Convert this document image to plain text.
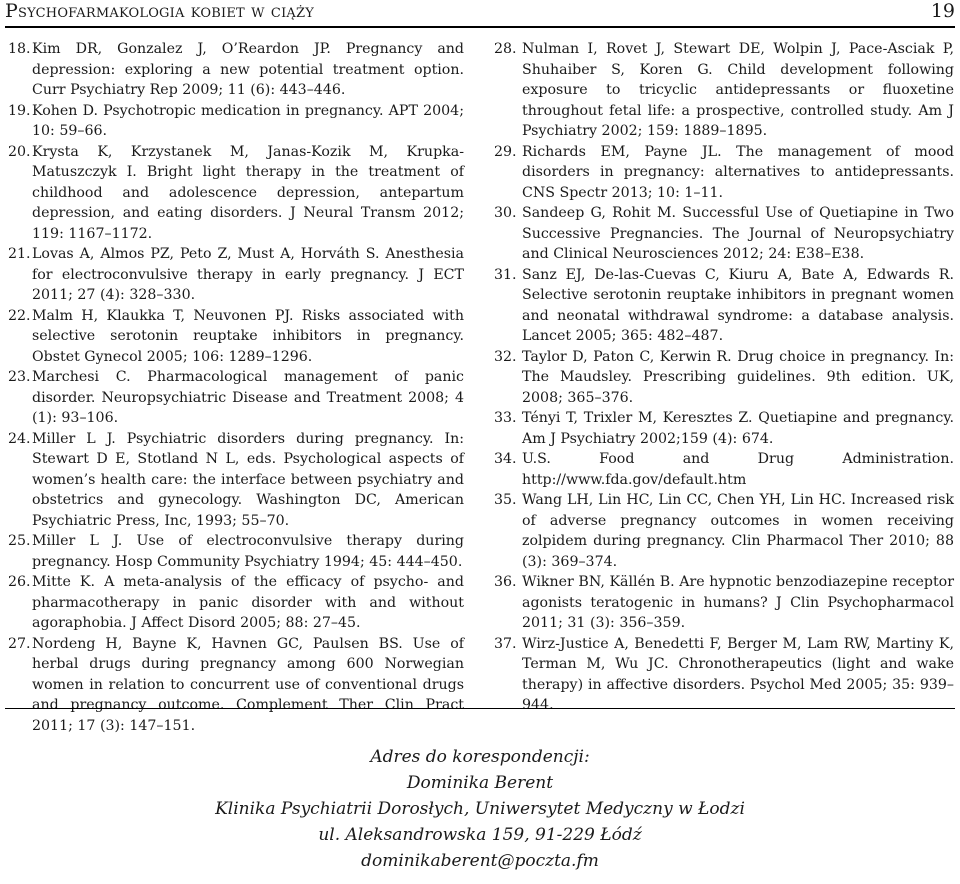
Psychofarmakologia kobiet w ciąży	19
18. Kim DR, Gonzalez J, O’Reardon JP. Pregnancy and depression: exploring a new potential treatment option. Curr Psychiatry Rep 2009; 11 (6): 443–446.
19. Kohen D. Psychotropic medication in pregnancy. APT 2004; 10: 59–66.
20. Krysta K, Krzystanek M, Janas-Kozik M, Krupka-Matuszczyk I. Bright light therapy in the treatment of childhood and adolescence depression, antepartum depression, and eating disorders. J Neural Transm 2012; 119: 1167–1172.
21. Lovas A, Almos PZ, Peto Z, Must A, Horváth S. Anesthesia for electroconvulsive therapy in early pregnancy. J ECT 2011; 27 (4): 328–330.
22. Malm H, Klaukka T, Neuvonen PJ. Risks associated with selective serotonin reuptake inhibitors in pregnancy. Obstet Gynecol 2005; 106: 1289–1296.
23. Marchesi C. Pharmacological management of panic disorder. Neuropsychiatric Disease and Treatment 2008; 4 (1): 93–106.
24. Miller L J. Psychiatric disorders during pregnancy. In: Stewart D E, Stotland N L, eds. Psychological aspects of women’s health care: the interface between psychiatry and obstetrics and gynecology. Washington DC, American Psychiatric Press, Inc, 1993; 55–70.
25. Miller L J. Use of electroconvulsive therapy during pregnancy. Hosp Community Psychiatry 1994; 45: 444–450.
26. Mitte K. A meta-analysis of the efficacy of psycho- and pharmacotherapy in panic disorder with and without agoraphobia. J Affect Disord 2005; 88: 27–45.
27. Nordeng H, Bayne K, Havnen GC, Paulsen BS. Use of herbal drugs during pregnancy among 600 Norwegian women in relation to concurrent use of conventional drugs and pregnancy outcome. Complement Ther Clin Pract 2011; 17 (3): 147–151.
28. Nulman I, Rovet J, Stewart DE, Wolpin J, Pace-Asciak P, Shuhaiber S, Koren G. Child development following exposure to tricyclic antidepressants or fluoxetine throughout fetal life: a prospective, controlled study. Am J Psychiatry 2002; 159: 1889–1895.
29. Richards EM, Payne JL. The management of mood disorders in pregnancy: alternatives to antidepressants. CNS Spectr 2013; 10: 1–11.
30. Sandeep G, Rohit M. Successful Use of Quetiapine in Two Successive Pregnancies. The Journal of Neuropsychiatry and Clinical Neurosciences 2012; 24: E38–E38.
31. Sanz EJ, De-las-Cuevas C, Kiuru A, Bate A, Edwards R. Selective serotonin reuptake inhibitors in pregnant women and neonatal withdrawal syndrome: a database analysis. Lancet 2005; 365: 482–487.
32. Taylor D, Paton C, Kerwin R. Drug choice in pregnancy. In: The Maudsley. Prescribing guidelines. 9th edition. UK, 2008; 365–376.
33. Tényi T, Trixler M, Keresztes Z. Quetiapine and pregnancy. Am J Psychiatry 2002;159 (4): 674.
34. U.S. Food and Drug Administration. http://www.fda.gov/default.htm
35. Wang LH, Lin HC, Lin CC, Chen YH, Lin HC. Increased risk of adverse pregnancy outcomes in women receiving zolpidem during pregnancy. Clin Pharmacol Ther 2010; 88 (3): 369–374.
36. Wikner BN, Källén B. Are hypnotic benzodiazepine receptor agonists teratogenic in humans? J Clin Psychopharmacol 2011; 31 (3): 356–359.
37. Wirz-Justice A, Benedetti F, Berger M, Lam RW, Martiny K, Terman M, Wu JC. Chronotherapeutics (light and wake therapy) in affective disorders. Psychol Med 2005; 35: 939–944.
Adres do korespondencji:
Dominika Berent
Klinika Psychiatrii Dorosłych, Uniwersytet Medyczny w Łodzi
ul. Aleksandrowska 159, 91-229 Łódź
dominikaberent@poczta.fm
